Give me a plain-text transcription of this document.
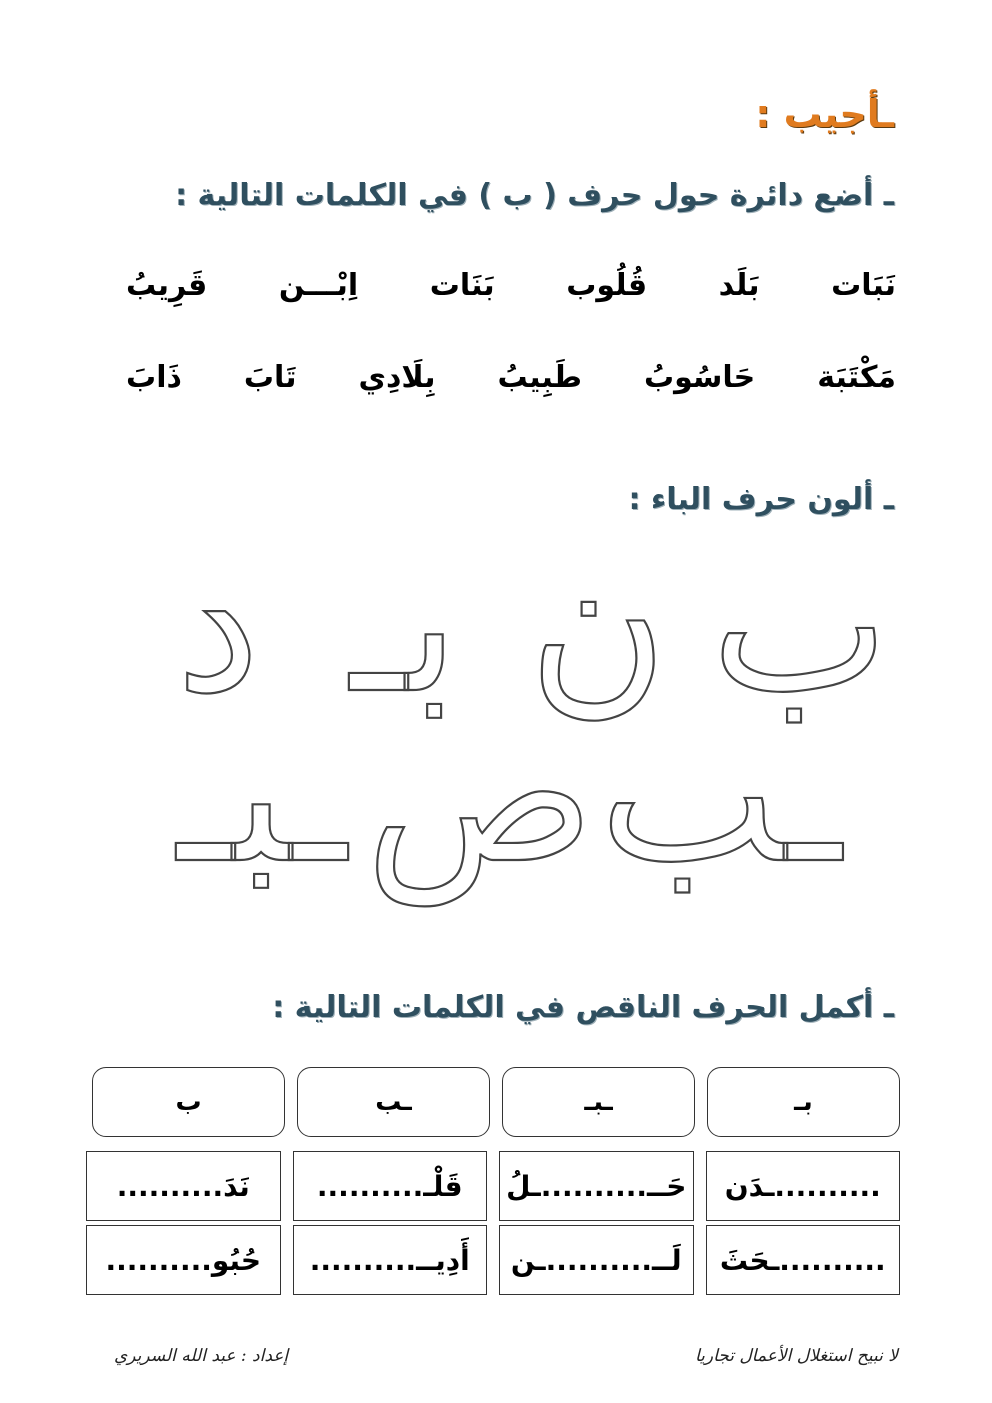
ـأجيب :
ـ أضع دائرة حول حرف ( ب ) في الكلمات التالية :
نَبَات
بَلَد
قُلُوب
بَنَات
اِبْـــن
قَرِيبُ
مَكْتَبَة
حَاسُوبُ
طَبِيبُ
بِلَادِي
تَابَ
ذَابَ
ـ ألون حرف الباء :
ب
ن
بـ
د
ـب
ص
ـبـ
ـ أكمل الحرف الناقص في الكلمات التالية :
بـ
ـبـ
ـب
ب
..........ـدَن
حَــ..........ـلُ
قَلْـ..........
نَدَ..........
..........ـحَثَ
لَــ..........ـن
أَدِيــ..........
حُبُو..........
لا نبيح استغلال الأعمال تجاريا
إعداد : عبد الله السريري
